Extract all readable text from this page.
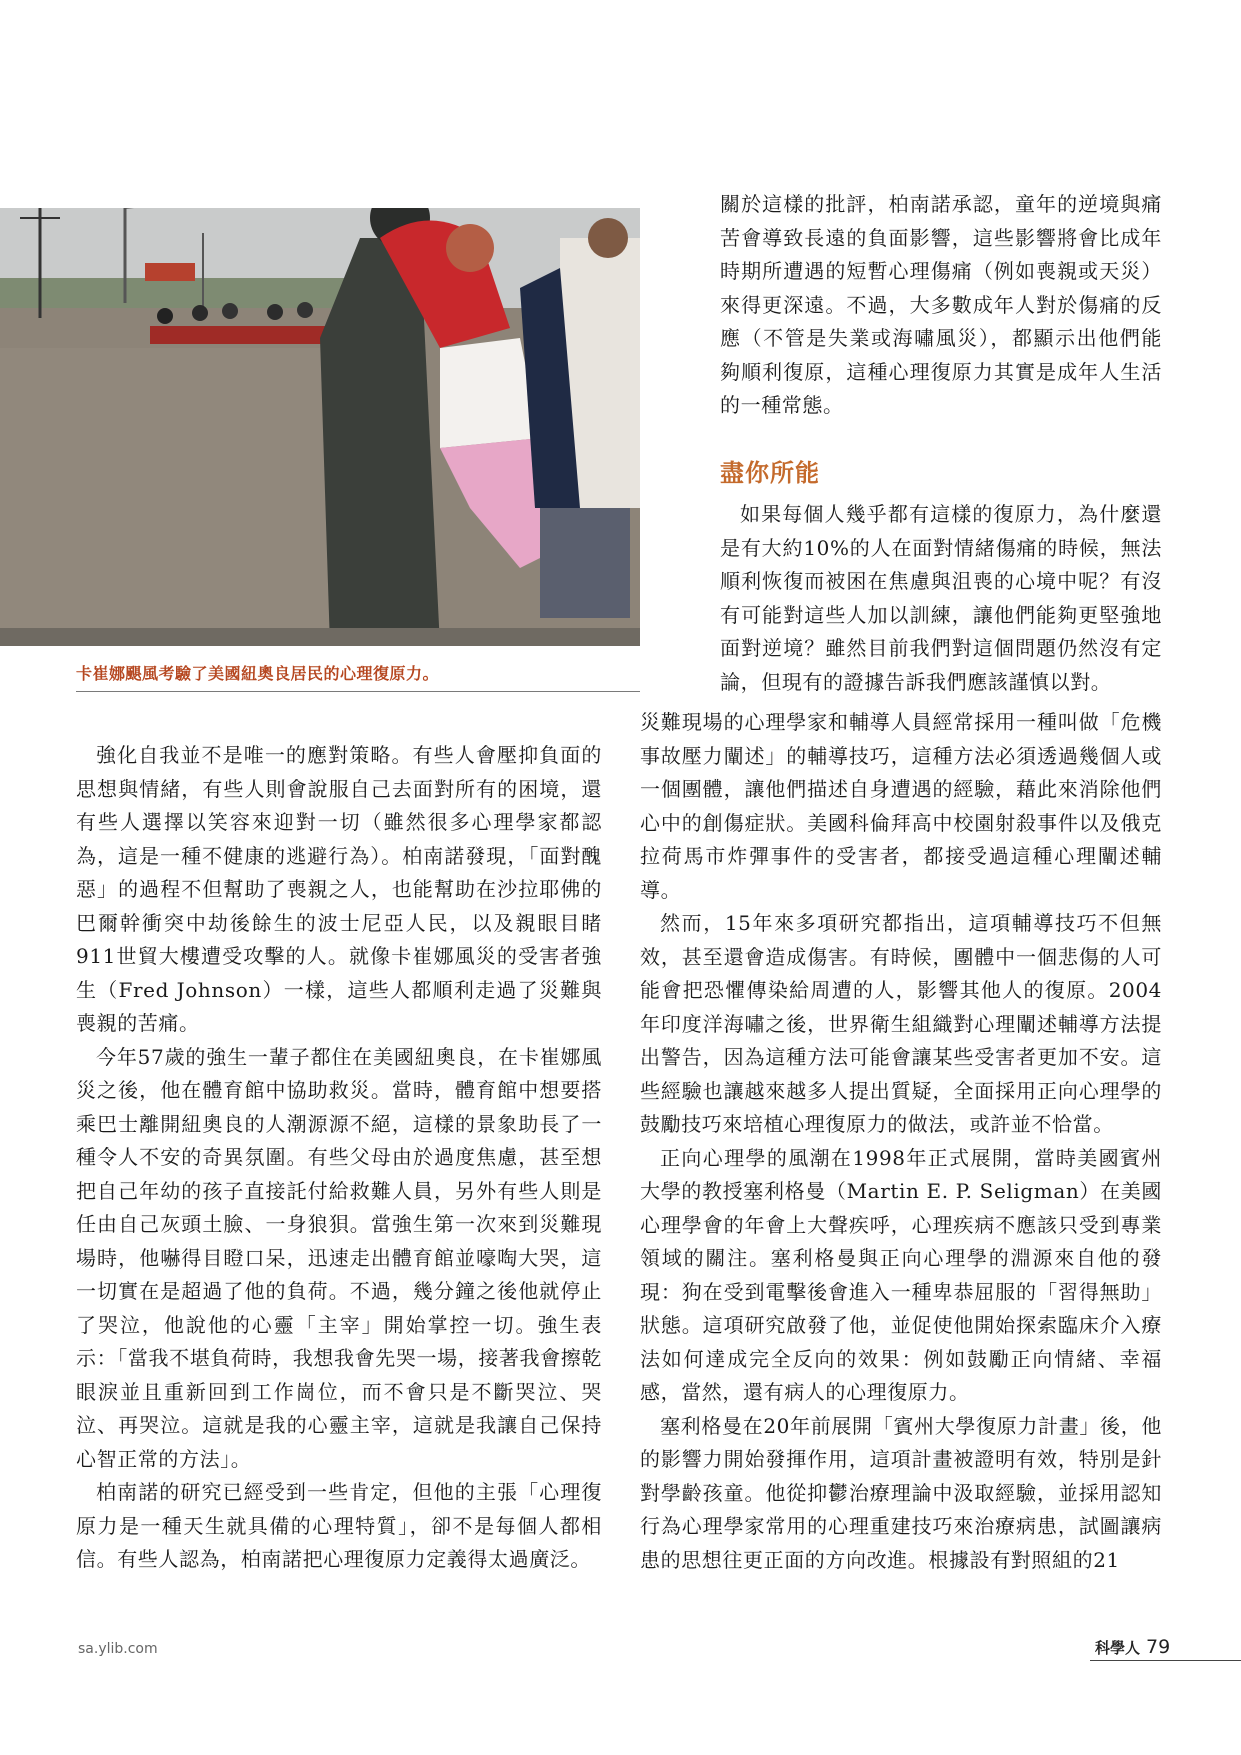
卡崔娜颶風考驗了美國紐奧良居民的心理復原力。

關於這樣的批評，柏南諾承認，童年的逆境與痛苦會導致長遠的負面影響，這些影響將會比成年時期所遭遇的短暫心理傷痛（例如喪親或天災）來得更深遠。不過，大多數成年人對於傷痛的反應（不管是失業或海嘯風災），都顯示出他們能夠順利復原，這種心理復原力其實是成年人生活的一種常態。

盡你所能

如果每個人幾乎都有這樣的復原力，為什麼還是有大約10%的人在面對情緒傷痛的時候，無法順利恢復而被困在焦慮與沮喪的心境中呢？有沒有可能對這些人加以訓練，讓他們能夠更堅強地面對逆境？雖然目前我們對這個問題仍然沒有定論，但現有的證據告訴我們應該謹慎以對。

災難現場的心理學家和輔導人員經常採用一種叫做「危機事故壓力闡述」的輔導技巧，這種方法必須透過幾個人或一個團體，讓他們描述自身遭遇的經驗，藉此來消除他們心中的創傷症狀。美國科倫拜高中校園射殺事件以及俄克拉荷馬市炸彈事件的受害者，都接受過這種心理闡述輔導。

然而，15年來多項研究都指出，這項輔導技巧不但無效，甚至還會造成傷害。有時候，團體中一個悲傷的人可能會把恐懼傳染給周遭的人，影響其他人的復原。2004年印度洋海嘯之後，世界衛生組織對心理闡述輔導方法提出警告，因為這種方法可能會讓某些受害者更加不安。這些經驗也讓越來越多人提出質疑，全面採用正向心理學的鼓勵技巧來培植心理復原力的做法，或許並不恰當。

正向心理學的風潮在1998年正式展開，當時美國賓州大學的教授塞利格曼（Martin E. P. Seligman）在美國心理學會的年會上大聲疾呼，心理疾病不應該只受到專業領域的關注。塞利格曼與正向心理學的淵源來自他的發現：狗在受到電擊後會進入一種卑恭屈服的「習得無助」狀態。這項研究啟發了他，並促使他開始探索臨床介入療法如何達成完全反向的效果：例如鼓勵正向情緒、幸福感，當然，還有病人的心理復原力。

塞利格曼在20年前展開「賓州大學復原力計畫」後，他的影響力開始發揮作用，這項計畫被證明有效，特別是針對學齡孩童。他從抑鬱治療理論中汲取經驗，並採用認知行為心理學家常用的心理重建技巧來治療病患，試圖讓病患的思想往更正面的方向改進。根據設有對照組的21

強化自我並不是唯一的應對策略。有些人會壓抑負面的思想與情緒，有些人則會說服自己去面對所有的困境，還有些人選擇以笑容來迎對一切（雖然很多心理學家都認為，這是一種不健康的逃避行為）。柏南諾發現，「面對醜惡」的過程不但幫助了喪親之人，也能幫助在沙拉耶佛的巴爾幹衝突中劫後餘生的波士尼亞人民，以及親眼目睹911世貿大樓遭受攻擊的人。就像卡崔娜風災的受害者強生（Fred Johnson）一樣，這些人都順利走過了災難與喪親的苦痛。

今年57歲的強生一輩子都住在美國紐奧良，在卡崔娜風災之後，他在體育館中協助救災。當時，體育館中想要搭乘巴士離開紐奧良的人潮源源不絕，這樣的景象助長了一種令人不安的奇異氛圍。有些父母由於過度焦慮，甚至想把自己年幼的孩子直接託付給救難人員，另外有些人則是任由自己灰頭土臉、一身狼狽。當強生第一次來到災難現場時，他嚇得目瞪口呆，迅速走出體育館並嚎啕大哭，這一切實在是超過了他的負荷。不過，幾分鐘之後他就停止了哭泣，他說他的心靈「主宰」開始掌控一切。強生表示：「當我不堪負荷時，我想我會先哭一場，接著我會擦乾眼淚並且重新回到工作崗位，而不會只是不斷哭泣、哭泣、再哭泣。這就是我的心靈主宰，這就是我讓自己保持心智正常的方法」。

柏南諾的研究已經受到一些肯定，但他的主張「心理復原力是一種天生就具備的心理特質」，卻不是每個人都相信。有些人認為，柏南諾把心理復原力定義得太過廣泛。

sa.ylib.com	科學人 79
